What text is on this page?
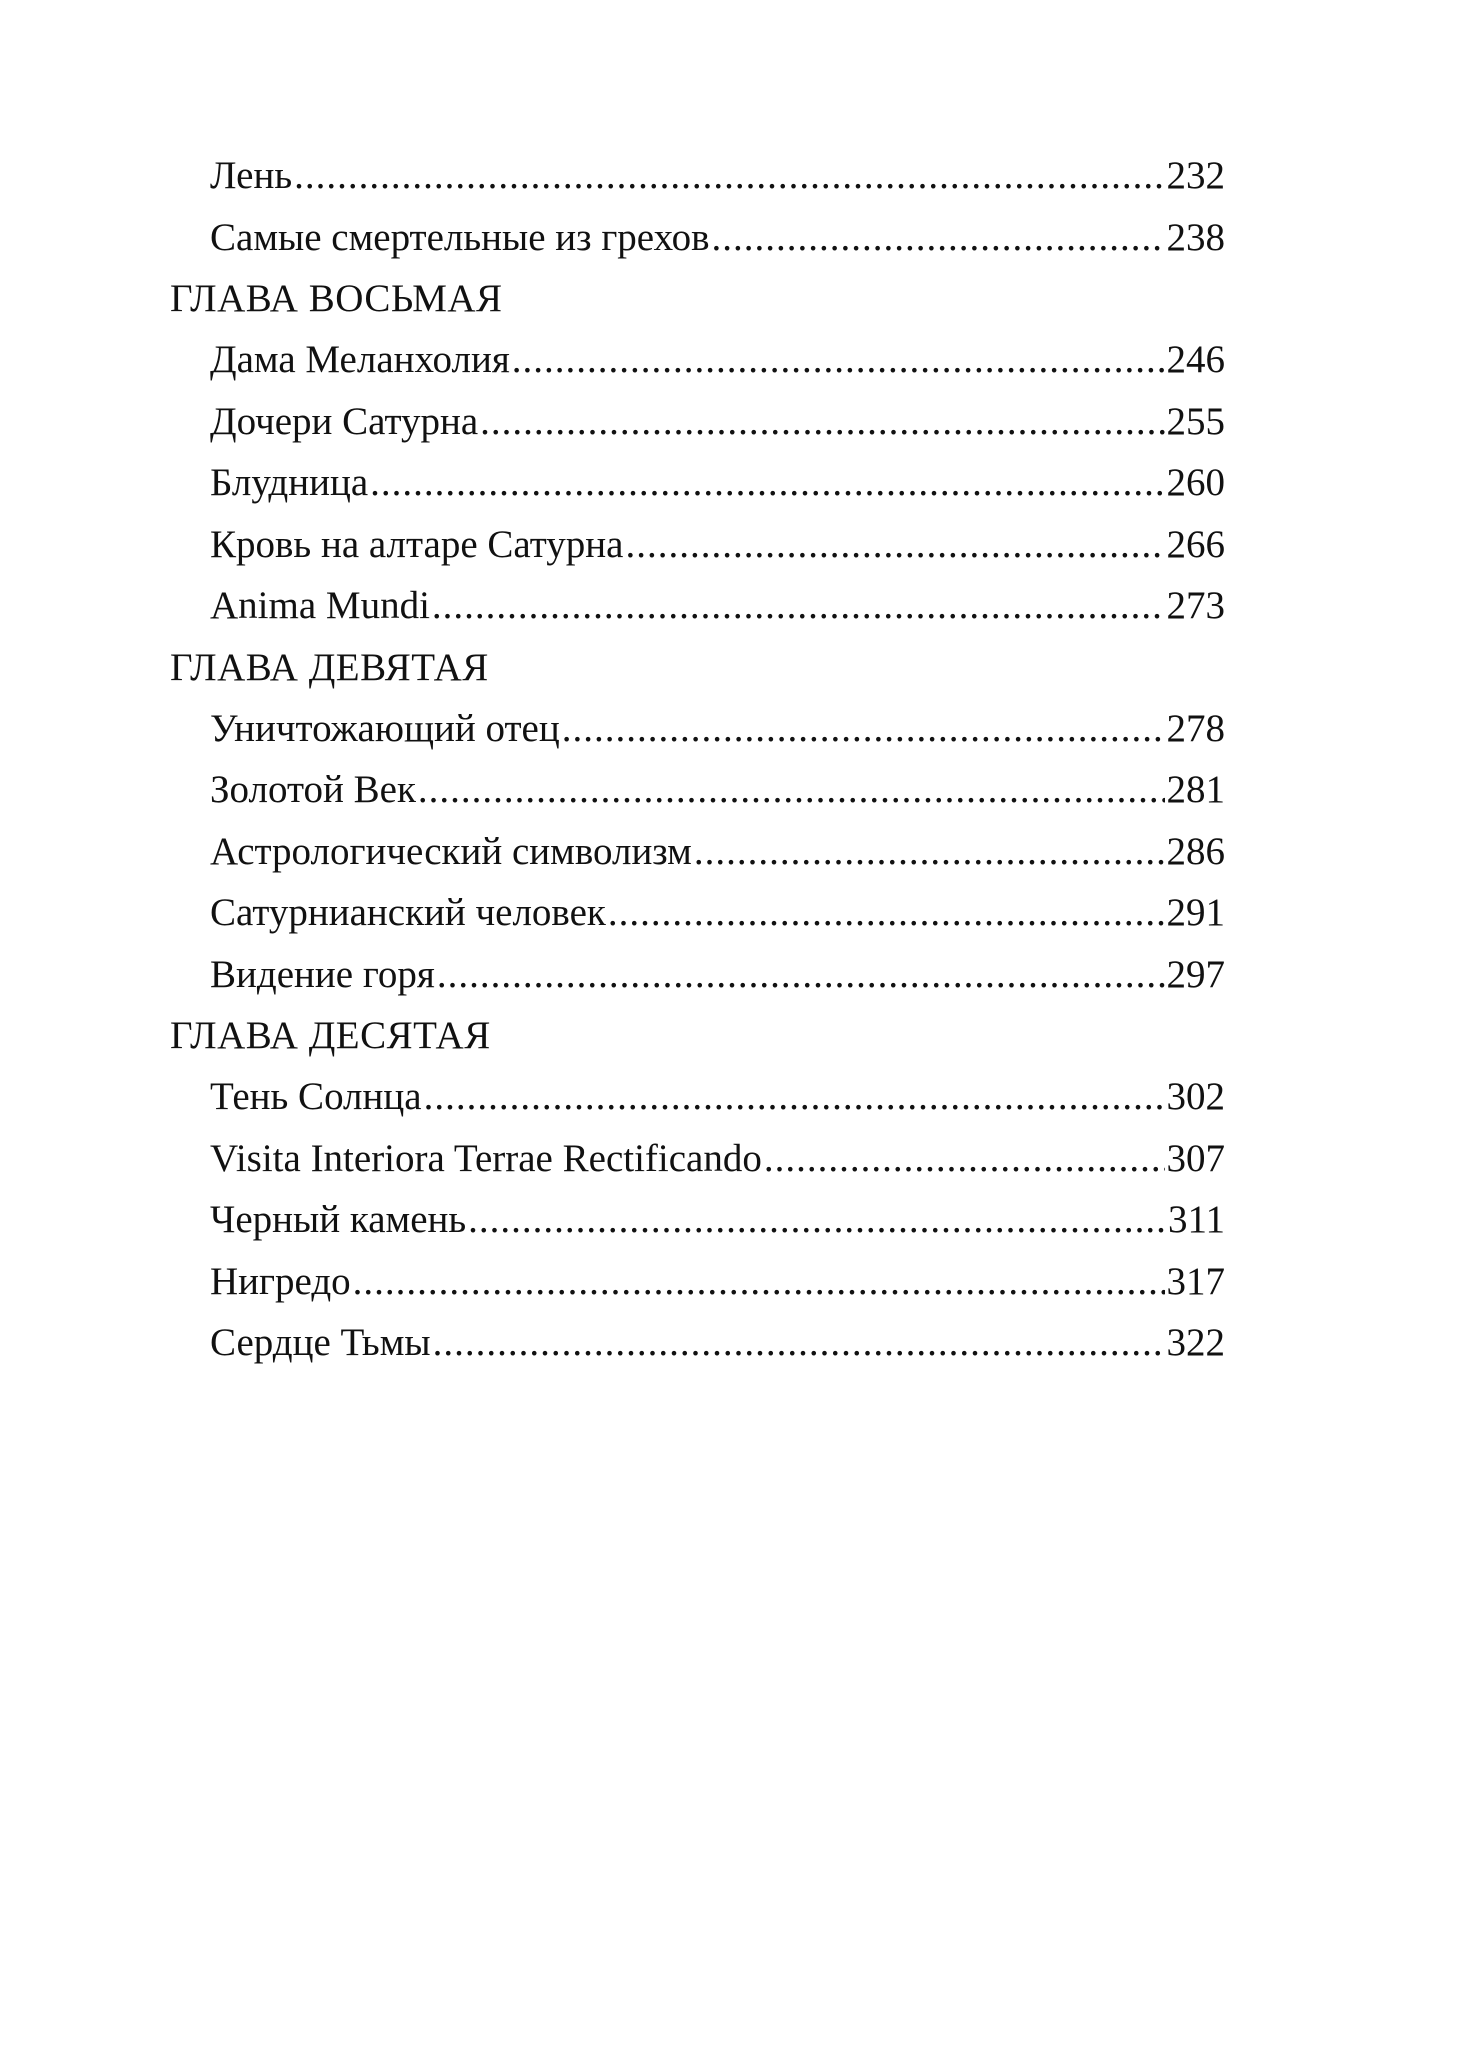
Лень .....	232
Самые смертельные из грехов .....	238
ГЛАВА ВОСЬМАЯ
Дама Меланхолия .....	246
Дочери Сатурна .....	255
Блудница .....	260
Кровь на алтаре Сатурна .....	266
Anima Mundi .....	273
ГЛАВА ДЕВЯТАЯ
Уничтожающий отец .....	278
Золотой Век .....	281
Астрологический символизм .....	286
Сатурнианский человек .....	291
Видение горя .....	297
ГЛАВА ДЕСЯТАЯ
Тень Солнца .....	302
Visita Interiora Terrae Rectificando .....	307
Черный камень .....	311
Нигредо .....	317
Сердце Тьмы .....	322
